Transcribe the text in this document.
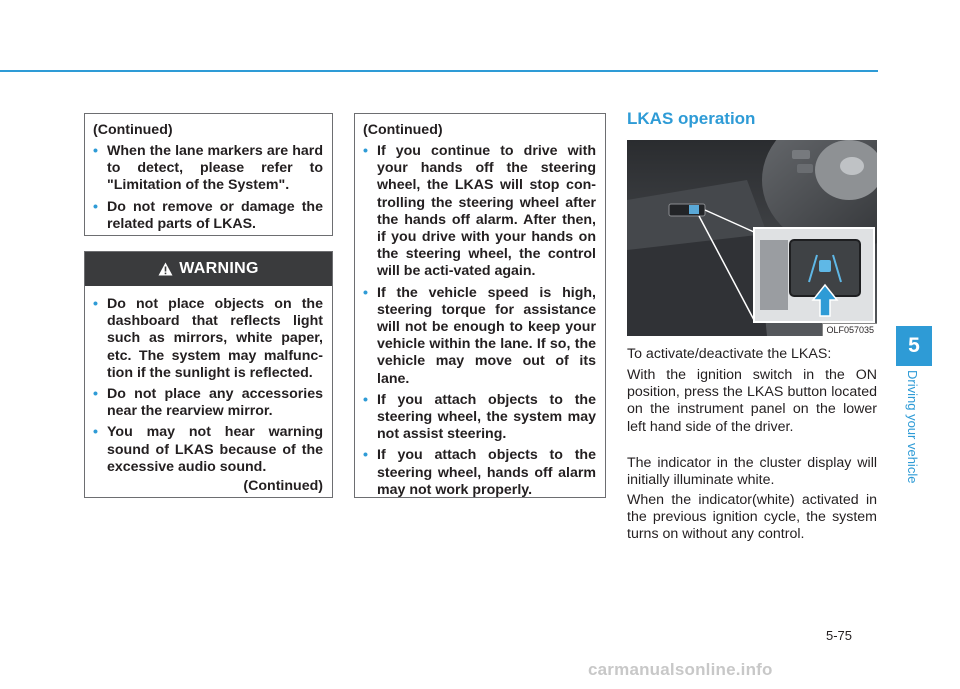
(Continued)
• When the lane markers are hard to detect, please refer to "Limitation of the System".
• Do not remove or damage the related parts of LKAS.
WARNING
• Do not place objects on the dashboard that reflects light such as mirrors, white paper, etc. The system may malfunc-tion if the sunlight is reflected.
• Do not place any accessories near the rearview mirror.
• You may not hear warning sound of LKAS because of the excessive audio sound.
(Continued)
(Continued)
• If you continue to drive with your hands off the steering wheel, the LKAS will stop con-trolling the steering wheel after the hands off alarm. After then, if you drive with your hands on the steering wheel, the control will be acti-vated again.
• If the vehicle speed is high, steering torque for assistance will not be enough to keep your vehicle within the lane. If so, the vehicle may move out of its lane.
• If you attach objects to the steering wheel, the system may not assist steering.
• If you attach objects to the steering wheel, hands off alarm may not work properly.
LKAS operation
OLF057035

To activate/deactivate the LKAS:

With the ignition switch in the ON position, press the LKAS button located on the instrument panel on the lower left hand side of the driver.

The indicator in the cluster display will initially illuminate white.

When the indicator(white) activated in the previous ignition cycle, the system turns on without any control.

5
Driving your vehicle
5-75
carmanualsonline.info
